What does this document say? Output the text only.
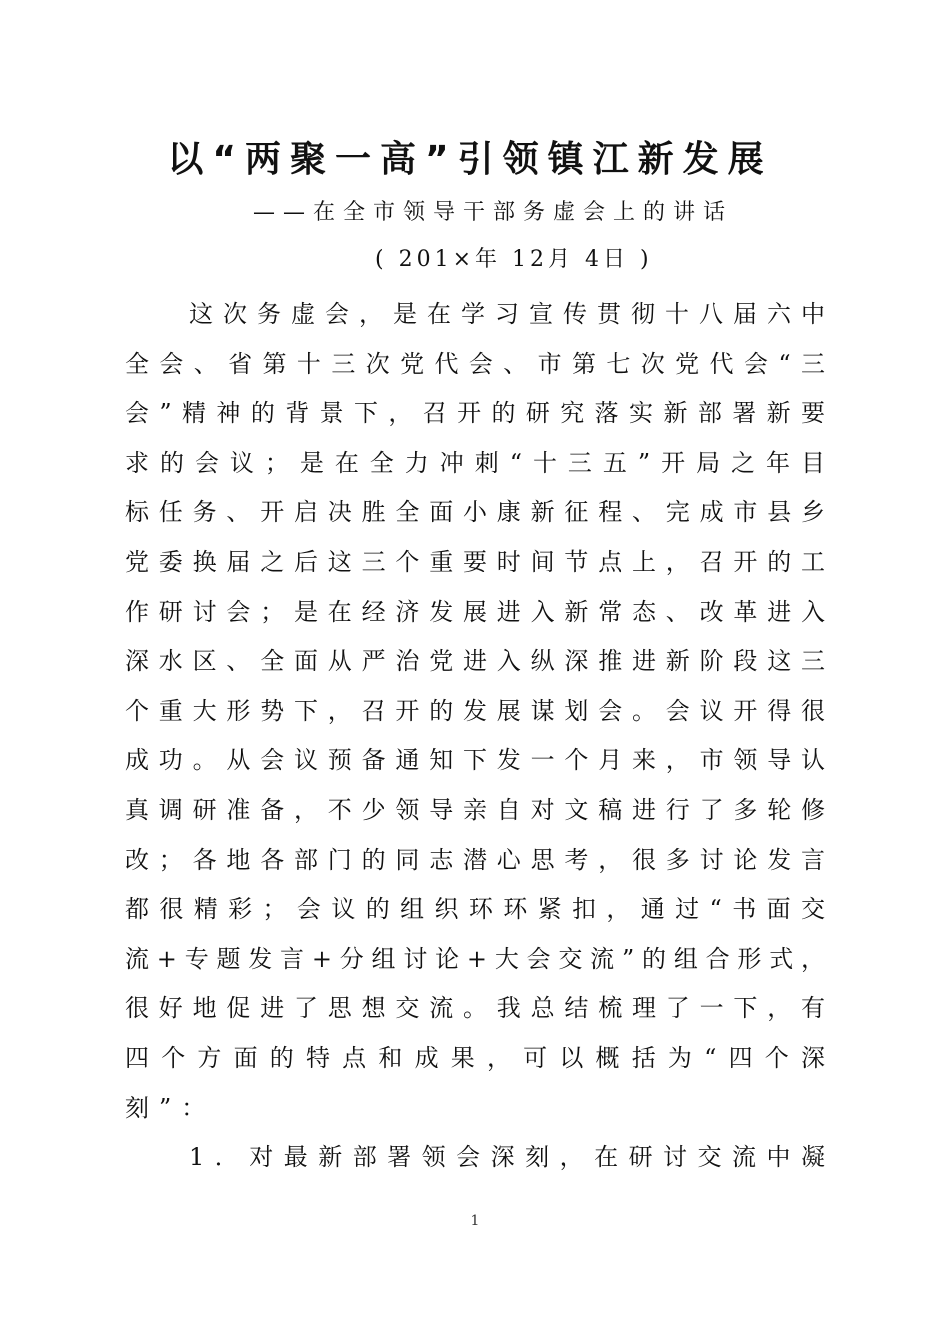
以“两聚一高”引领镇江新发展
——在全市领导干部务虚会上的讲话
( 201×年 12月 4日 )
这次务虚会，是在学习宣传贯彻十八届六中
全会、省第十三次党代会、市第七次党代会“三
会”精神的背景下，召开的研究落实新部署新要
求的会议；是在全力冲刺“十三五”开局之年目
标任务、开启决胜全面小康新征程、完成市县乡
党委换届之后这三个重要时间节点上，召开的工
作研讨会；是在经济发展进入新常态、改革进入
深水区、全面从严治党进入纵深推进新阶段这三
个重大形势下，召开的发展谋划会。会议开得很
成功。从会议预备通知下发一个月来，市领导认
真调研准备，不少领导亲自对文稿进行了多轮修
改；各地各部门的同志潜心思考，很多讨论发言
都很精彩；会议的组织环环紧扣，通过“书面交
流+专题发言+分组讨论+大会交流”的组合形式，
很好地促进了思想交流。我总结梳理了一下，有
四个方面的特点和成果，可以概括为“四个深
刻”：
1．对最新部署领会深刻，在研讨交流中凝
1
